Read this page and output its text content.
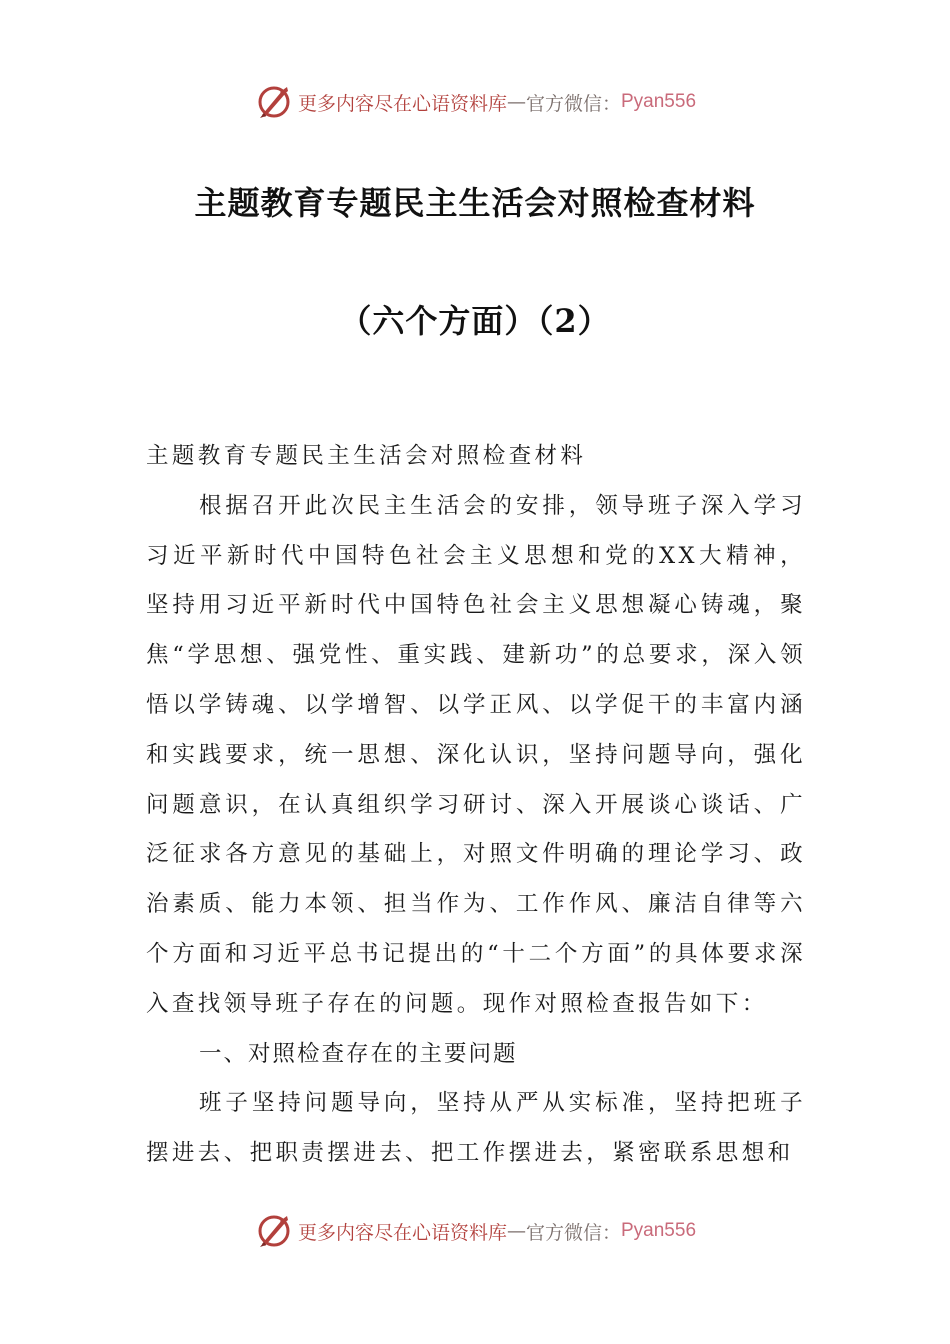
更多内容尽在心语资料库 — 官方微信： Pyan556
主题教育专题民主生活会对照检查材料
（六个方面）（2）

主题教育专题民主生活会对照检查材料

根据召开此次民主生活会的安排，领导班子深入学习习近平新时代中国特色社会主义思想和党的XX大精神，坚持用习近平新时代中国特色社会主义思想凝心铸魂，聚焦“学思想、强党性、重实践、建新功”的总要求，深入领悟以学铸魂、以学增智、以学正风、以学促干的丰富内涵和实践要求，统一思想、深化认识，坚持问题导向，强化问题意识，在认真组织学习研讨、深入开展谈心谈话、广泛征求各方意见的基础上，对照文件明确的理论学习、政治素质、能力本领、担当作为、工作作风、廉洁自律等六个方面和习近平总书记提出的“十二个方面”的具体要求深入查找领导班子存在的问题。现作对照检查报告如下：

一、对照检查存在的主要问题

班子坚持问题导向，坚持从严从实标准，坚持把班子摆进去、把职责摆进去、把工作摆进去，紧密联系思想和

更多内容尽在心语资料库 — 官方微信： Pyan556
